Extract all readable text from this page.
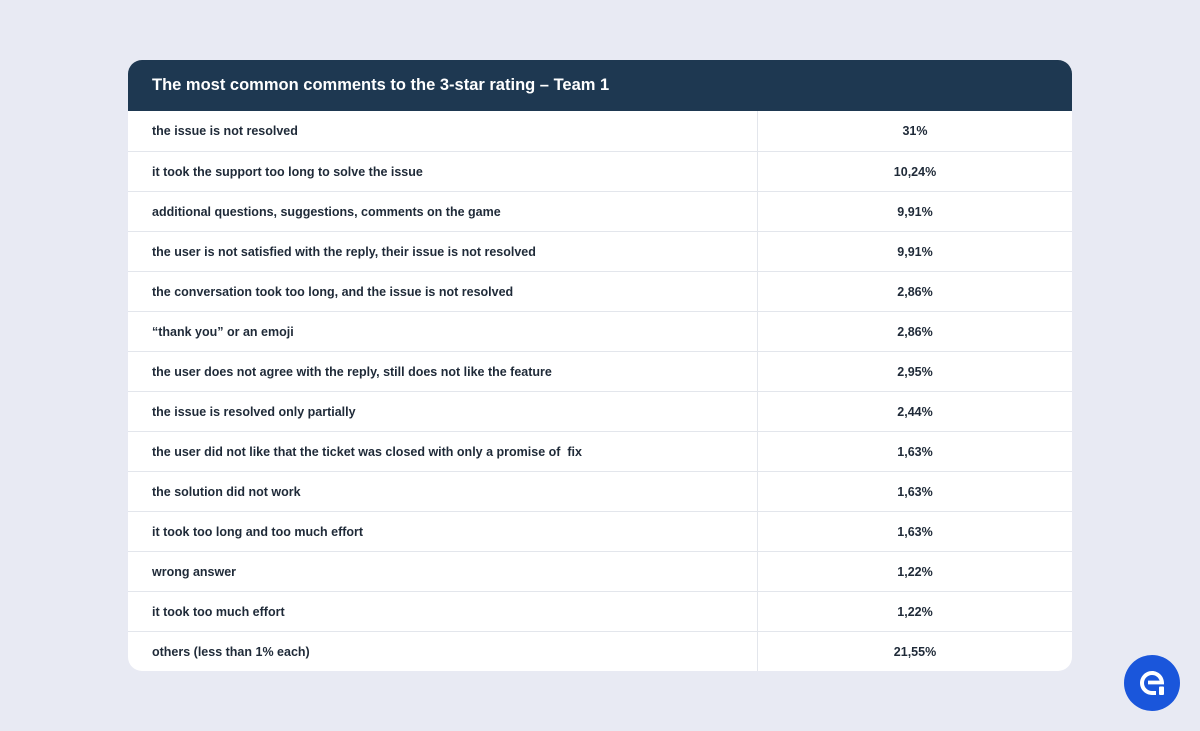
The most common comments to the 3-star rating – Team 1
the issue is not resolved	31%
it took the support too long to solve the issue	10,24%
additional questions, suggestions, comments on the game	9,91%
the user is not satisfied with the reply, their issue is not resolved	9,91%
the conversation took too long, and the issue is not resolved	2,86%
“thank you” or an emoji	2,86%
the user does not agree with the reply, still does not like the feature	2,95%
the issue is resolved only partially	2,44%
the user did not like that the ticket was closed with only a promise of  fix	1,63%
the solution did not work	1,63%
it took too long and too much effort	1,63%
wrong answer	1,22%
it took too much effort	1,22%
others (less than 1% each)	21,55%
